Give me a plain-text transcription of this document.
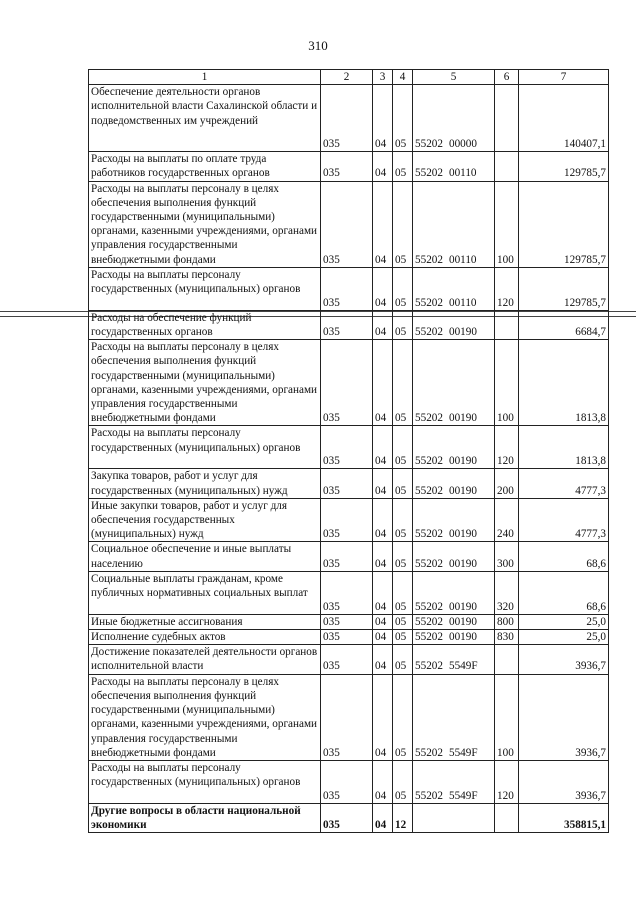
310
1	2	3	4	5	6	7
Обеспечение деятельности органов исполнительной власти Сахалинской области и подведомственных им учреждений	035	04	05	55202 00000		140407,1
Расходы на выплаты по оплате труда работников государственных органов	035	04	05	55202 00110		129785,7
Расходы на выплаты персоналу в целях обеспечения выполнения функций государственными (муниципальными) органами, казенными учреждениями, органами управления государственными внебюджетными фондами	035	04	05	55202 00110	100	129785,7
Расходы на выплаты персоналу государственных (муниципальных) органов	035	04	05	55202 00110	120	129785,7
Расходы на обеспечение функций государственных органов	035	04	05	55202 00190		6684,7
Расходы на выплаты персоналу в целях обеспечения выполнения функций государственными (муниципальными) органами, казенными учреждениями, органами управления государственными внебюджетными фондами	035	04	05	55202 00190	100	1813,8
Расходы на выплаты персоналу государственных (муниципальных) органов	035	04	05	55202 00190	120	1813,8
Закупка товаров, работ и услуг для государственных (муниципальных) нужд	035	04	05	55202 00190	200	4777,3
Иные закупки товаров, работ и услуг для обеспечения государственных (муниципальных) нужд	035	04	05	55202 00190	240	4777,3
Социальное обеспечение и иные выплаты населению	035	04	05	55202 00190	300	68,6
Социальные выплаты гражданам, кроме публичных нормативных социальных выплат	035	04	05	55202 00190	320	68,6
Иные бюджетные ассигнования	035	04	05	55202 00190	800	25,0
Исполнение судебных актов	035	04	05	55202 00190	830	25,0
Достижение показателей деятельности органов исполнительной власти	035	04	05	55202 5549F		3936,7
Расходы на выплаты персоналу в целях обеспечения выполнения функций государственными (муниципальными) органами, казенными учреждениями, органами управления государственными внебюджетными фондами	035	04	05	55202 5549F	100	3936,7
Расходы на выплаты персоналу государственных (муниципальных) органов	035	04	05	55202 5549F	120	3936,7
Другие вопросы в области национальной экономики	035	04	12			358815,1
